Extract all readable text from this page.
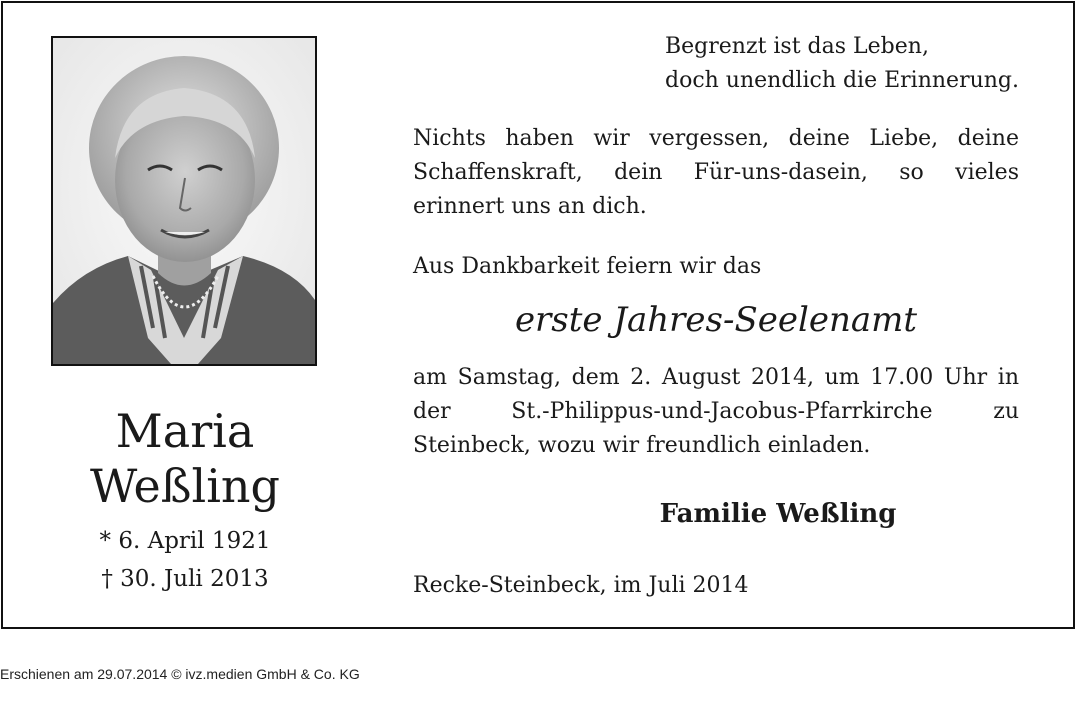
Maria
Weßling
* 6. April 1921
† 30. Juli 2013
Begrenzt ist das Leben,
doch unendlich die Erinnerung.
Nichts haben wir vergessen, deine Liebe, deine Schaffenskraft, dein Für-uns-dasein, so vieles erinnert uns an dich.
Aus Dankbarkeit feiern wir das
erste Jahres-Seelenamt
am Samstag, dem 2. August 2014, um 17.00 Uhr in der St.-Philippus-und-Jacobus-Pfarrkirche zu Steinbeck, wozu wir freundlich einladen.
Familie Weßling
Recke-Steinbeck, im Juli 2014
Erschienen am 29.07.2014 © ivz.medien GmbH & Co. KG
